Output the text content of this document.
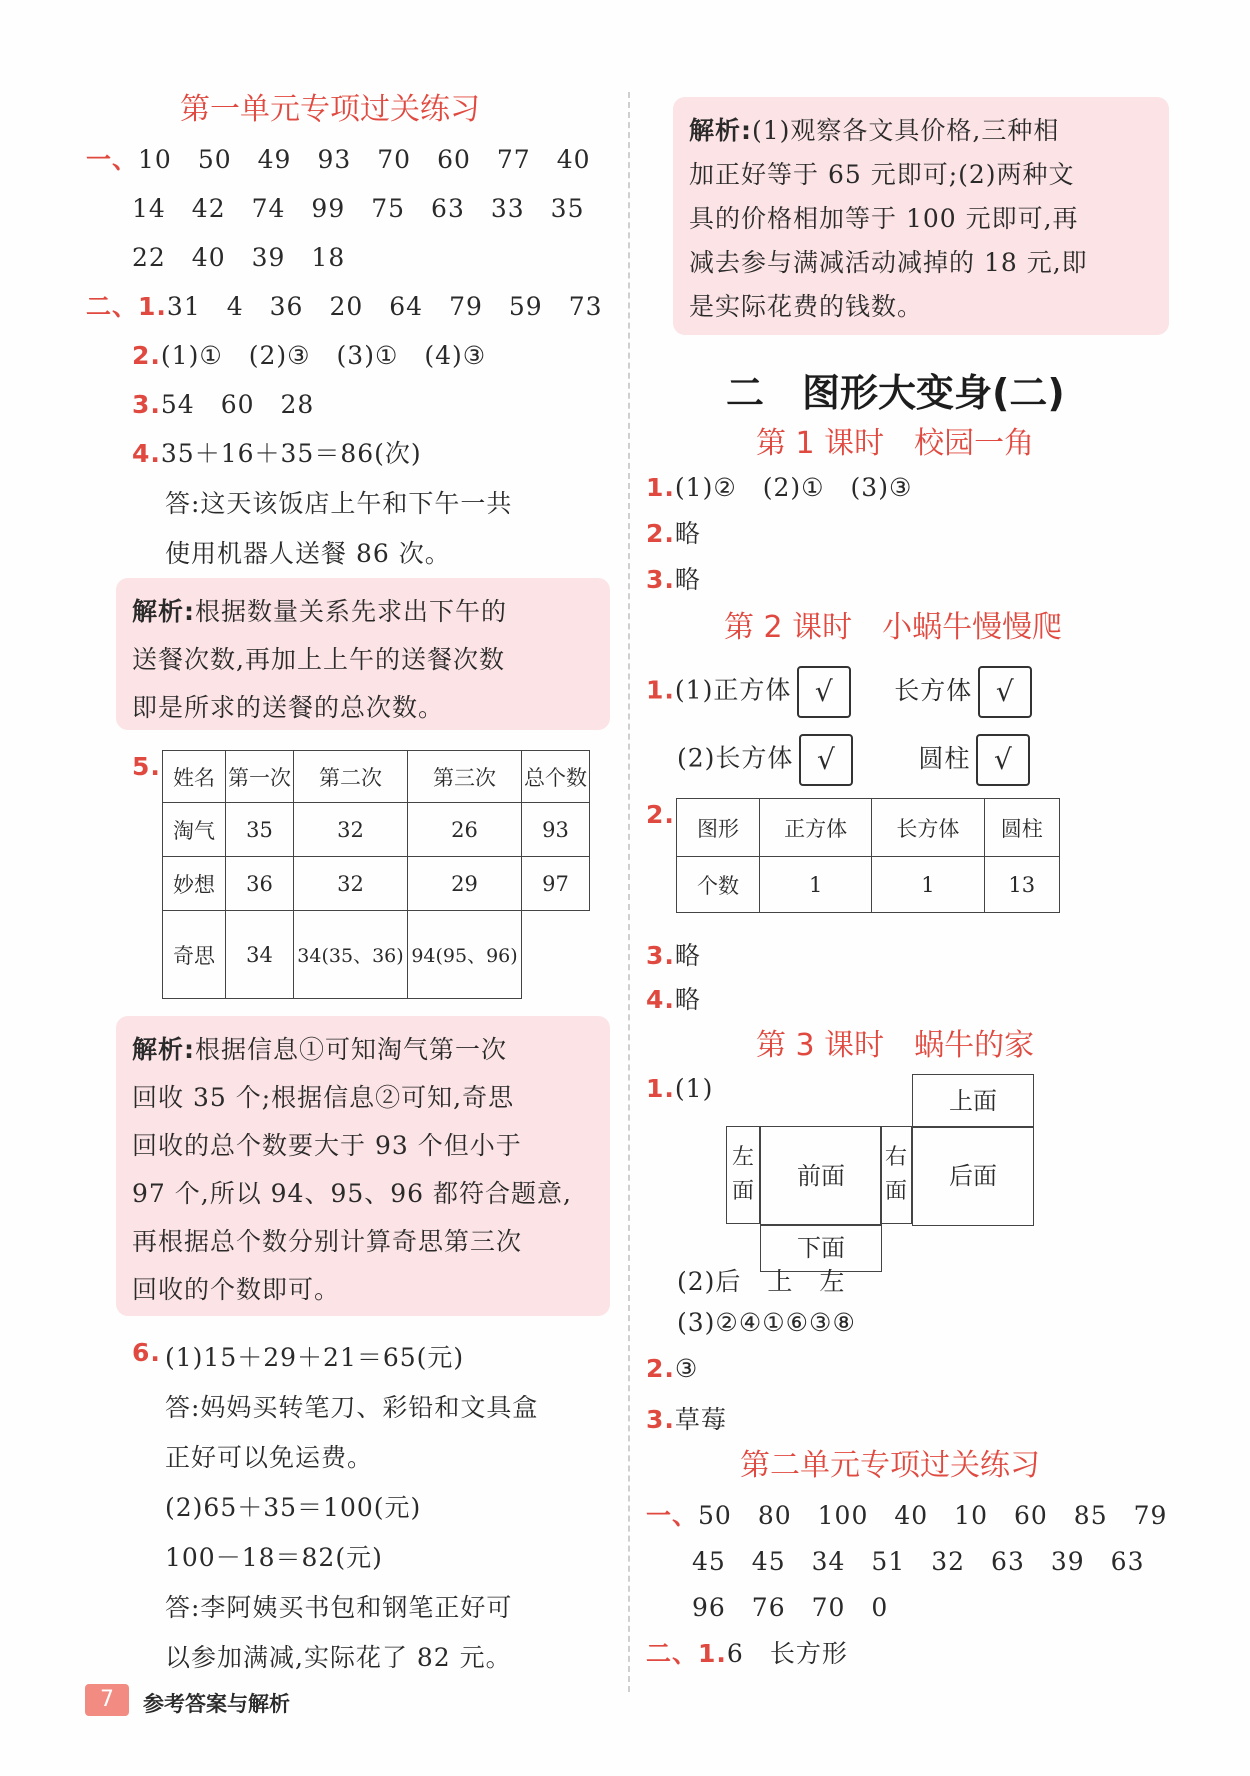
第一单元专项过关练习
一、10　50　49　93　70　60　77　40
14　42　74　99　75　63　33　35
22　40　39　18
二、1.31　4　36　20　64　79　59　73
2.(1)①　(2)③　(3)①　(4)③
3.54　60　28
4.35＋16＋35＝86(次)
答:这天该饭店上午和下午一共
使用机器人送餐 86 次。
解析:根据数量关系先求出下午的
送餐次数,再加上上午的送餐次数
即是所求的送餐的总次数。
5. 姓名	第一次	第二次	第三次	总个数
淘气	35	32	26	93
妙想	36	32	29	97
奇思	34	34(35、36)	94(95、96)	
解析:根据信息①可知淘气第一次
回收 35 个;根据信息②可知,奇思
回收的总个数要大于 93 个但小于
97 个,所以 94、95、96 都符合题意,
再根据总个数分别计算奇思第三次
回收的个数即可。
6. (1)15＋29＋21＝65(元)
答:妈妈买转笔刀、彩铅和文具盒
正好可以免运费。
(2)65＋35＝100(元)
100－18＝82(元)
答:李阿姨买书包和钢笔正好可
以参加满减,实际花了 82 元。
解析:(1)观察各文具价格,三种相
加正好等于 65 元即可;(2)两种文
具的价格相加等于 100 元即可,再
减去参与满减活动减掉的 18 元,即
是实际花费的钱数。
二　图形大变身(二)
第 1 课时　校园一角
1.(1)②　(2)①　(3)③
2.略
3.略
第 2 课时　小蜗牛慢慢爬
1.(1)正方体 √ 长方体 √
(2)长方体 √	圆柱 √
2. 图形	正方体	长方体	圆柱
个数	1	1	13
3.略
4.略
第 3 课时　蜗牛的家
1.(1)	上面
左面
前面
右面
后面
下面
(2)后　上　左
(3)②④①⑥③⑧
2.③
3.草莓
第二单元专项过关练习
一、50　80　100　40　10　60　85　79
45　45　34　51　32　63　39　63
96　76　70　0
二、1.6　长方形
7	参考答案与解析
